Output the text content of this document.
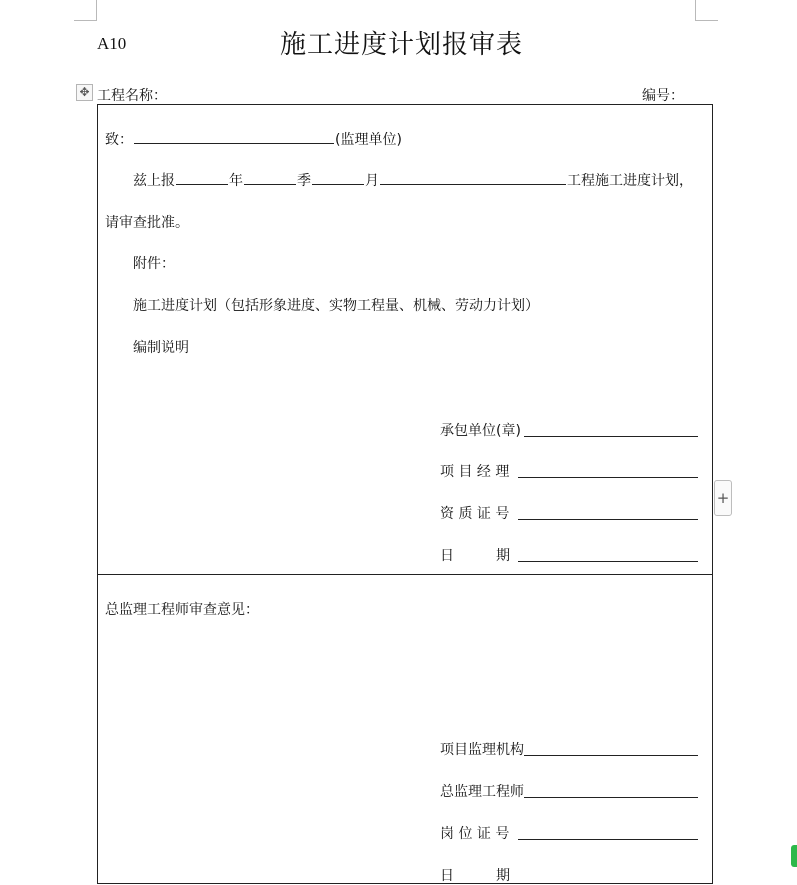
A10	施工进度计划报审表
✥ 工程名称：	编号：
+
致：	(监理单位)
兹上报	年	季	月	工程施工进度计划，
请审查批准。
附件：
施工进度计划（包括形象进度、实物工程量、机械、劳动力计划）
编制说明
承包单位(章)
项 目 经 理
资 质 证 号
日　　　期
总监理工程师审查意见：
项目监理机构
总监理工程师
岗 位 证 号
日　　　期
